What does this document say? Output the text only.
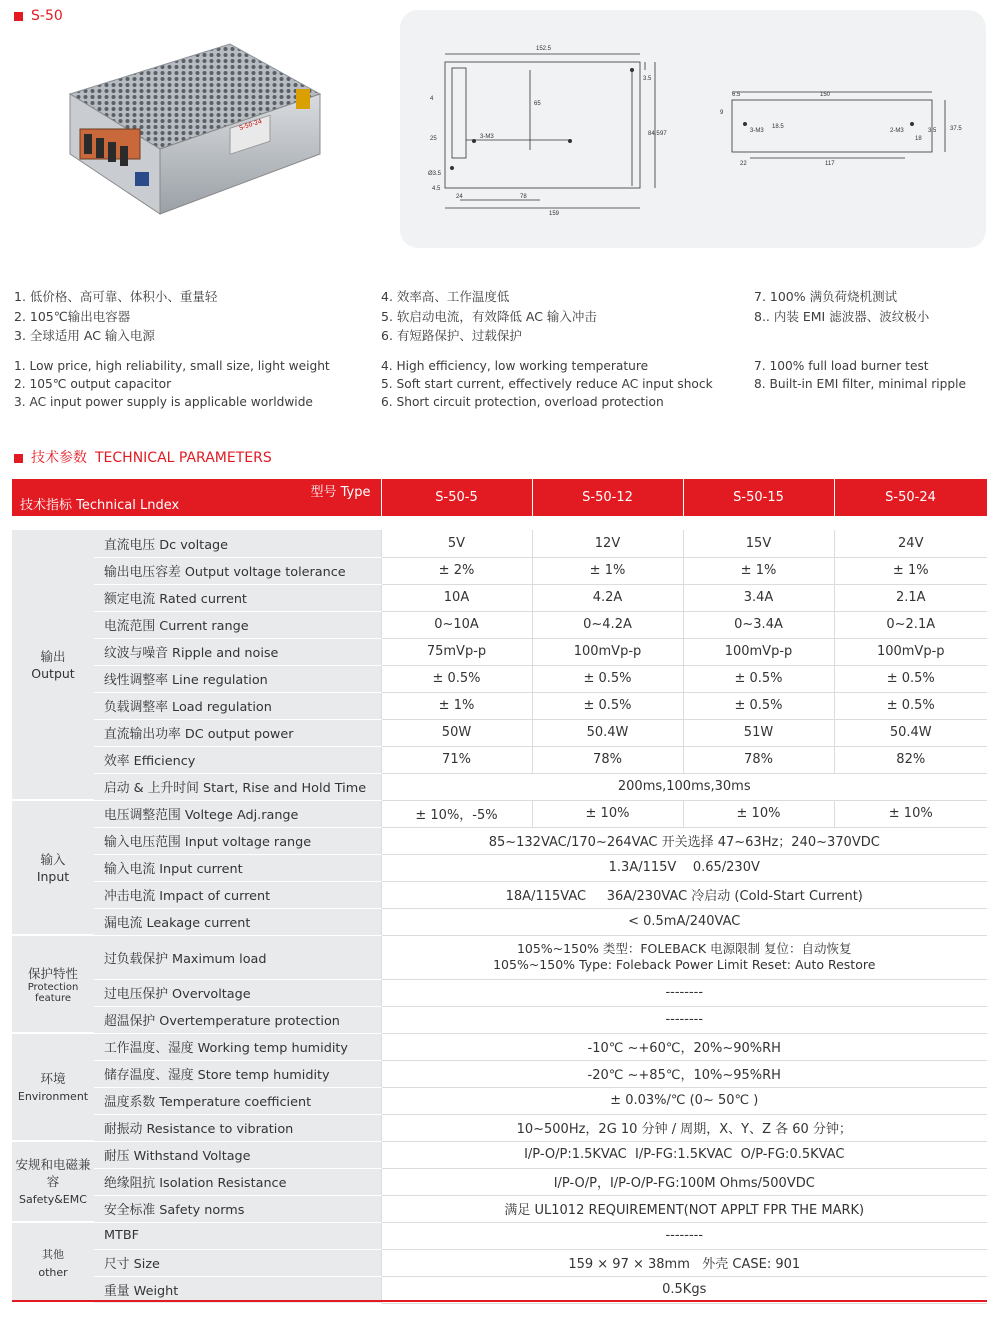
S-50
S-50-24
152.5
159
78
24
65
97
84.5
3.5
4.5
4
25	3-M3
Ø3.5
150
6.5
22	117
9
18.5	37.5
18
3.5
3-M3	2-M3
1. 低价格、高可靠、体积小、重量轻
2. 105℃输出电容器
3. 全球适用 AC 输入电源
4. 效率高、工作温度低
5. 软启动电流，有效降低 AC 输入冲击
6. 有短路保护、过载保护
7. 100% 满负荷烧机测试
8.. 内装 EMI 滤波器、波纹极小
1. Low price, high reliability, small size, light weight
2. 105℃ output capacitor
3. AC input power supply is applicable worldwide
4. High efficiency, low working temperature
5. Soft start current, effectively reduce AC input shock
6. Short circuit protection, overload protection
7. 100% full load burner test
8. Built-in EMI filter, minimal ripple
技术参数 TECHNICAL PARAMETERS
型号 Type
技术指标 Technical Lndex		S-50-5	S-50-12	S-50-15	S-50-24

输出
Output	直流电压 Dc voltage	5V	12V	15V	24V
	输出电压容差 Output voltage tolerance	± 2%	± 1%	± 1%	± 1%
	额定电流 Rated current	10A	4.2A	3.4A	2.1A
	电流范围 Current range	0~10A	0~4.2A	0~3.4A	0~2.1A
	纹波与噪音 Ripple and noise	75mVp-p	100mVp-p	100mVp-p	100mVp-p
	线性调整率 Line regulation	± 0.5%	± 0.5%	± 0.5%	± 0.5%
	负载调整率 Load regulation	± 1%	± 0.5%	± 0.5%	± 0.5%
	直流输出功率 DC output power	50W	50.4W	51W	50.4W
	效率 Efficiency	71%	78%	78%	82%
	启动 & 上升时间 Start, Rise and Hold Time	200ms,100ms,30ms			
输入
Input	电压调整范围 Voltege Adj.range	± 10%，-5%	± 10%	± 10%	± 10%
	输入电压范围 Input voltage range	85~132VAC/170~264VAC 开关选择 47~63Hz；240~370VDC			
	输入电流 Input current	1.3A/115V    0.65/230V			
	冲击电流 Impact of current	18A/115VAC     36A/230VAC 冷启动 (Cold-Start Current)			
	漏电流 Leakage current	< 0.5mA/240VAC			
保护特性
Protection feature	过负载保护 Maximum load	105%~150% 类型：FOLEBACK 电源限制 复位：自动恢复
105%~150% Type: Foleback Power Limit Reset: Auto Restore			
	过电压保护 Overvoltage	--------			
	超温保护 Overtemperature protection	--------			
环境
Environment	工作温度、湿度 Working temp humidity	-10℃ ~+60℃，20%~90%RH			
	储存温度、湿度 Store temp humidity	-20℃ ~+85℃，10%~95%RH			
	温度系数 Temperature coefficient	± 0.03%/℃ (0~ 50℃ )			
	耐振动 Resistance to vibration	10~500Hz，2G 10 分钟 / 周期，X、Y、Z 各 60 分钟；			
安规和电磁兼容
Safety&EMC	耐压 Withstand Voltage	I/P-O/P:1.5KVAC  I/P-FG:1.5KVAC  O/P-FG:0.5KVAC			
	绝缘阻抗 Isolation Resistance	I/P-O/P，I/P-O/P-FG:100M Ohms/500VDC			
	安全标准 Safety norms	满足 UL1012 REQUIREMENT(NOT APPLT FPR THE MARK)			
其他
other	MTBF	--------			
	尺寸 Size	159 × 97 × 38mm   外壳 CASE: 901			
	重量 Weight	0.5Kgs			
